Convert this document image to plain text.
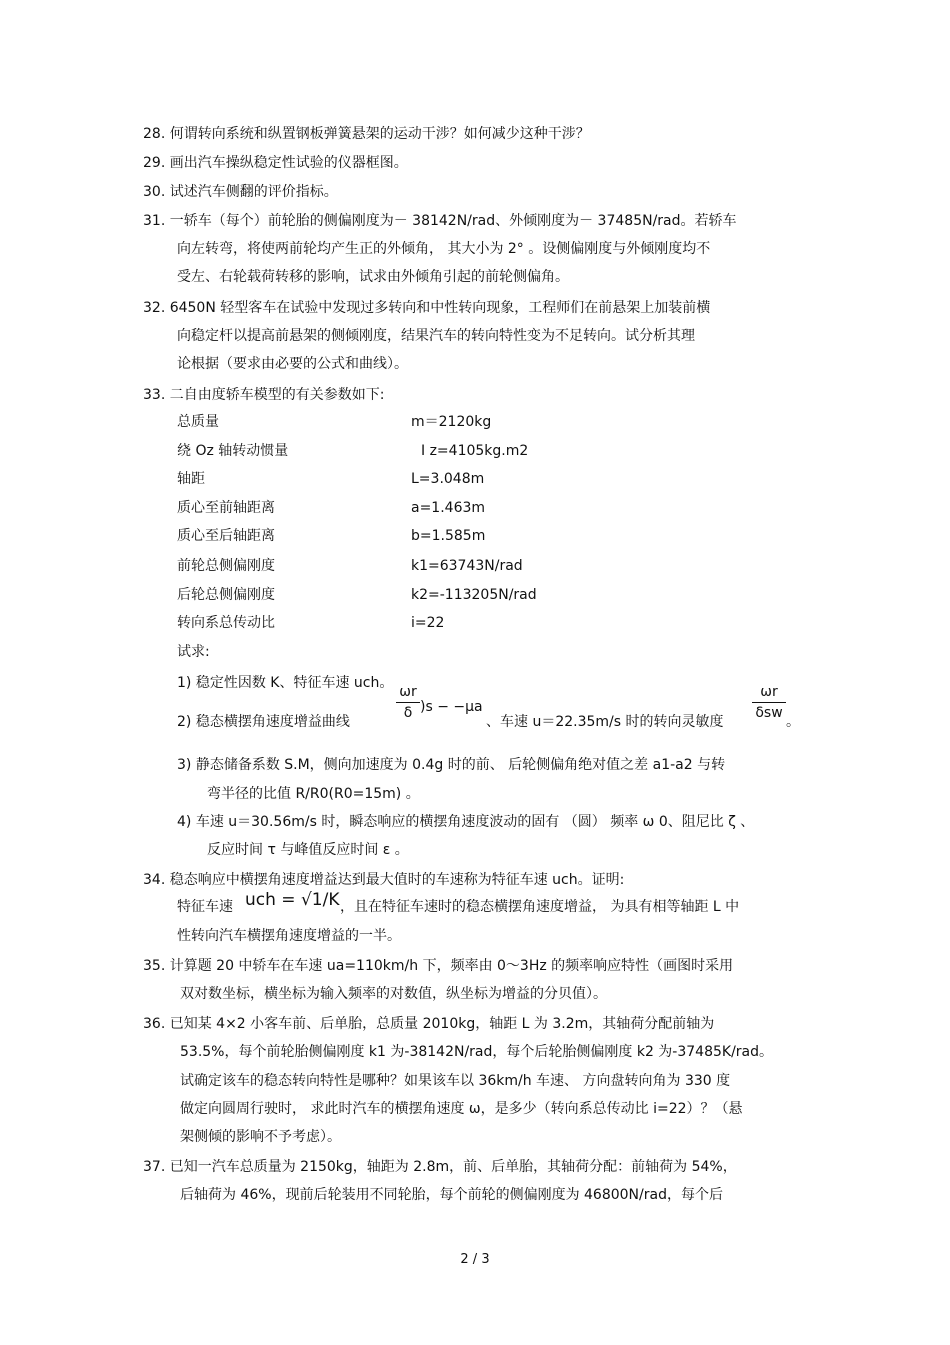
28. 何谓转向系统和纵置钢板弹簧悬架的运动干涉？如何减少这种干涉？
29. 画出汽车操纵稳定性试验的仪器框图。
30. 试述汽车侧翻的评价指标。
31. 一轿车（每个）前轮胎的侧偏刚度为－ 38142N/rad、外倾刚度为－ 37485N/rad。若轿车
向左转弯，将使两前轮均产生正的外倾角， 其大小为 2° 。设侧偏刚度与外倾刚度均不
受左、右轮载荷转移的影响，试求由外倾角引起的前轮侧偏角。
32. 6450N 轻型客车在试验中发现过多转向和中性转向现象，工程师们在前悬架上加装前横
向稳定杆以提高前悬架的侧倾刚度，结果汽车的转向特性变为不足转向。试分析其理
论根据（要求由必要的公式和曲线）。
33. 二自由度轿车模型的有关参数如下:
总质量	m＝2120kg
绕 Oz 轴转动惯量	I z=4105kg.m2
轴距	L=3.048m
质心至前轴距离	a=1.463m
质心至后轴距离	b=1.585m
前轮总侧偏刚度	k1=63743N/rad
后轮总侧偏刚度	k2=-113205N/rad
转向系总传动比	i=22
试求:
1) 稳定性因数 K、特征车速 uch。
2) 稳态横摆角速度增益曲线
ωr
δ )s − −μa
、车速 u＝22.35m/s 时的转向灵敏度
ωr
δsw
。
3) 静态储备系数 S.M，侧向加速度为 0.4g 时的前、 后轮侧偏角绝对值之差 a1-a2 与转
弯半径的比值 R/R0(R0=15m) 。
4) 车速 u＝30.56m/s 时，瞬态响应的横摆角速度波动的固有 （圆） 频率 ω 0、阻尼比 ζ 、
反应时间 τ 与峰值反应时间 ε 。
34. 稳态响应中横摆角速度增益达到最大值时的车速称为特征车速 uch。证明:
特征车速 uch = √1/K ，且在特征车速时的稳态横摆角速度增益， 为具有相等轴距 L 中
性转向汽车横摆角速度增益的一半。
35. 计算题 20 中轿车在车速 ua=110km/h 下，频率由 0～3Hz 的频率响应特性（画图时采用
双对数坐标，横坐标为输入频率的对数值，纵坐标为增益的分贝值）。
36. 已知某 4×2 小客车前、后单胎，总质量 2010kg，轴距 L 为 3.2m，其轴荷分配前轴为
53.5%，每个前轮胎侧偏刚度 k1 为-38142N/rad，每个后轮胎侧偏刚度 k2 为-37485K/rad。
试确定该车的稳态转向特性是哪种？如果该车以 36km/h 车速、 方向盘转向角为 330 度
做定向圆周行驶时， 求此时汽车的横摆角速度 ω，是多少（转向系总传动比 i=22）？（悬
架侧倾的影响不予考虑）。
37. 已知一汽车总质量为 2150kg，轴距为 2.8m，前、后单胎，其轴荷分配：前轴荷为 54%，
后轴荷为 46%，现前后轮装用不同轮胎，每个前轮的侧偏刚度为 46800N/rad，每个后
2 / 3
